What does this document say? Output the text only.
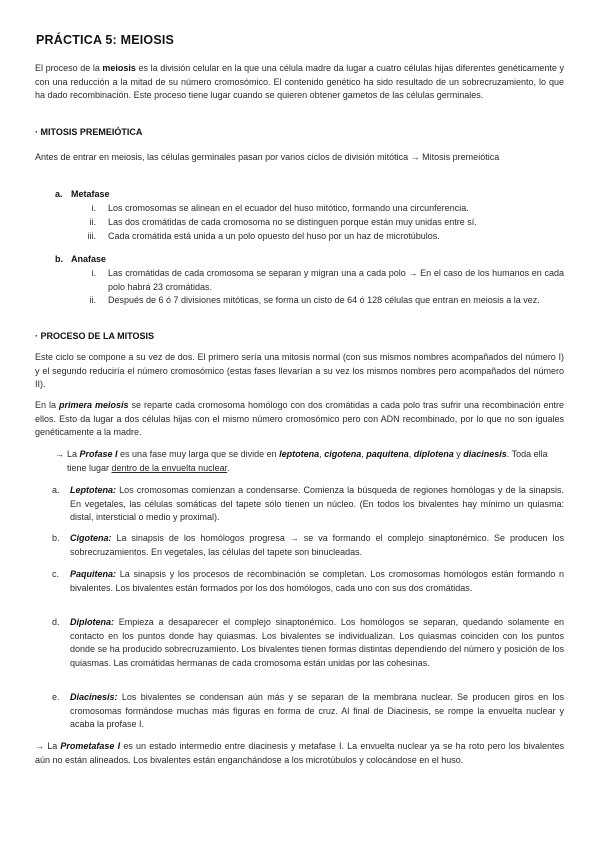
PRÁCTICA 5: MEIOSIS
El proceso de la meiosis es la división celular en la que una célula madre da lugar a cuatro células hijas diferentes genéticamente y con una reducción a la mitad de su número cromosómico. El contenido genético ha sido resultado de un sobrecruzamiento, lo que ha dado recombinación. Este proceso tiene lugar cuando se quieren obtener gametos de las células germinales.
· MITOSIS PREMEIÓTICA
Antes de entrar en meiosis, las células germinales pasan por varios ciclos de división mitótica → Mitosis premeiótica
a. Metafase
i. Los cromosomas se alinean en el ecuador del huso mitótico, formando una circunferencia.
ii. Las dos cromátidas de cada cromosoma no se distinguen porque están muy unidas entre sí.
iii. Cada cromátida está unida a un polo opuesto del huso por un haz de microtúbulos.
b. Anafase
i. Las cromátidas de cada cromosoma se separan y migran una a cada polo → En el caso de los humanos en cada polo habrá 23 cromátidas.
ii. Después de 6 ó 7 divisiones mitóticas, se forma un cisto de 64 ó 128 células que entran en meiosis a la vez.
· PROCESO DE LA MITOSIS
Este ciclo se compone a su vez de dos. El primero sería una mitosis normal (con sus mismos nombres acompañados del número I) y el segundo reduciría el número cromosómico (estas fases llevarían a su vez los mismos nombres pero acompañados del número II).
En la primera meiosis se reparte cada cromosoma homólogo con dos cromátidas a cada polo tras sufrir una recombinación entre ellos. Esto da lugar a dos células hijas con el mismo número cromosómico pero con ADN recombinado, por lo que no son iguales genéticamente a la madre.
→ La Profase I es una fase muy larga que se divide en leptotena, cigotena, paquitena, diplotena y diacinesis. Toda ella tiene lugar dentro de la envuelta nuclear.
a. Leptotena: Los cromosomas comienzan a condensarse. Comienza la búsqueda de regiones homólogas y de la sinapsis. En vegetales, las células somáticas del tapete sólo tienen un núcleo. (En todos los bivalentes hay mínimo un quiasma: distal, intersticial o medio y proximal).
b. Cigotena: La sinapsis de los homólogos progresa → se va formando el complejo sinaptonémico. Se producen los sobrecruzamientos. En vegetales, las células del tapete son binucleadas.
c. Paquitena: La sinapsis y los procesos de recombinación se completan. Los cromosomas homólogos están formando n bivalentes. Los bivalentes están formados por los dos homólogos, cada uno con sus dos cromátidas.
d. Diplotena: Empieza a desaparecer el complejo sinaptonémico. Los homólogos se separan, quedando solamente en contacto en los puntos donde hay quiasmas. Los bivalentes se individualizan. Los quiasmas coinciden con los puntos donde se ha producido sobrecruzamiento. Los bivalentes tienen formas distintas dependiendo del número y posición de los quiasmas. Las cromátidas hermanas de cada cromosoma están unidas por las cohesinas.
e. Diacinesis: Los bivalentes se condensan aún más y se separan de la membrana nuclear. Se producen giros en los cromosomas formándose muchas más figuras en forma de cruz. Al final de Diacinesis, se rompe la envuelta nuclear y acaba la profase I.
→ La Prometafase I es un estado intermedio entre diacinesis y metafase I. La envuelta nuclear ya se ha roto pero los bivalentes aún no están alineados. Los bivalentes están enganchándose a los microtúbulos y colocándose en el huso.
